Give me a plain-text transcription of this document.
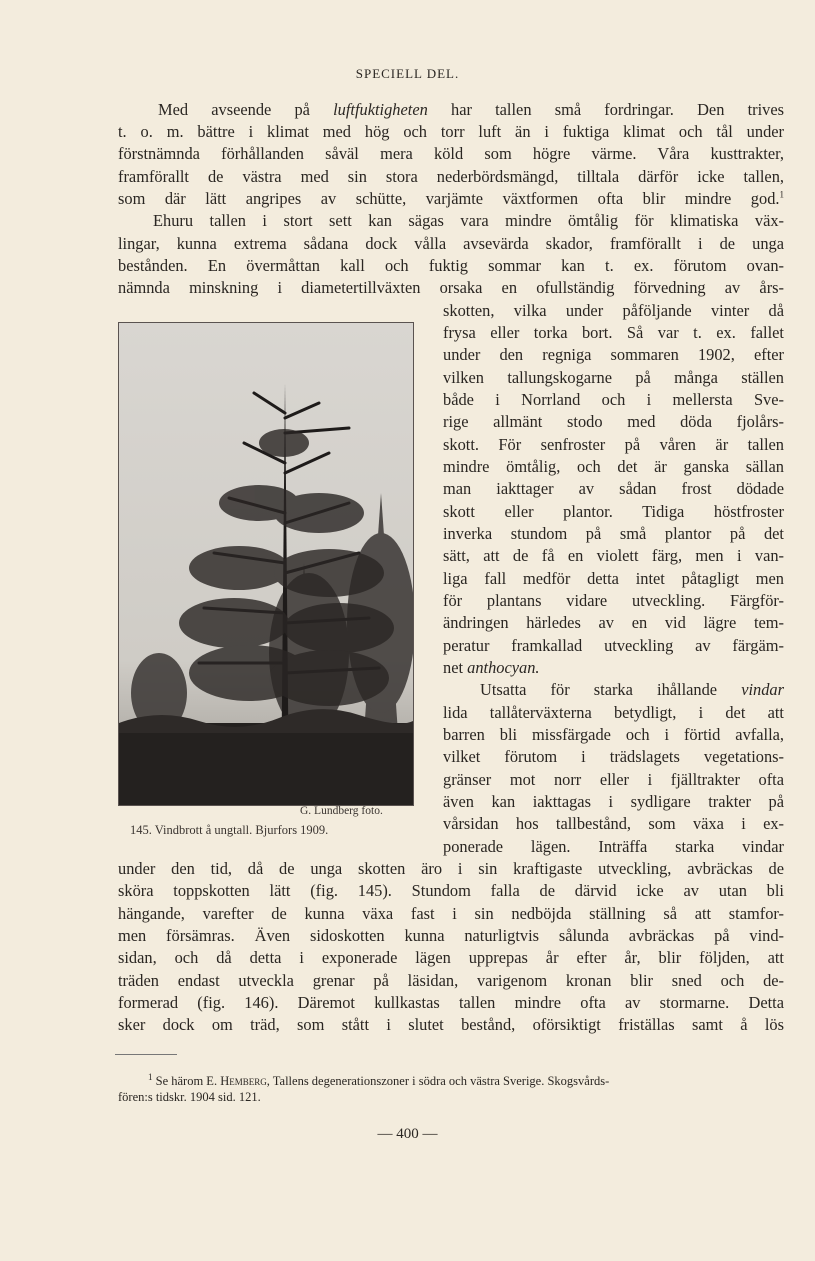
SPECIELL DEL.

Med avseende på luftfuktigheten har tallen små fordringar. Den trives

t. o. m. bättre i klimat med hög och torr luft än i fuktiga klimat och tål under

förstnämnda förhållanden såväl mera köld som högre värme. Våra kusttrakter,

framförallt de västra med sin stora nederbördsmängd, tilltala därför icke tallen,

som där lätt angripes av schütte, varjämte växtformen ofta blir mindre god.$^1$

Ehuru tallen i stort sett kan sägas vara mindre ömtålig för klimatiska väx-

lingar, kunna extrema sådana dock vålla avsevärda skador, framförallt i de unga

bestånden. En övermåttan kall och fuktig sommar kan t. ex. förutom ovan-

nämnda minskning i diametertillväxten orsaka en ofullständig förvedning av års-

G. Lundberg foto.
145. Vindbrott å ungtall. Bjurfors 1909.

skotten, vilka under påföljande vinter då

frysa eller torka bort. Så var t. ex. fallet

under den regniga sommaren 1902, efter

vilken tallungskogarne på många ställen

både i Norrland och i mellersta Sve-

rige allmänt stodo med döda fjolårs-

skott. För senfroster på våren är tallen

mindre ömtålig, och det är ganska sällan

man iakttager av sådan frost dödade

skott eller plantor. Tidiga höstfroster

inverka stundom på små plantor på det

sätt, att de få en violett färg, men i van-

liga fall medför detta intet påtagligt men

för plantans vidare utveckling. Färgför-

ändringen härledes av en vid lägre tem-

peratur framkallad utveckling av färgäm-

net anthocyan.

Utsatta för starka ihållande vindar

lida tallåterväxterna betydligt, i det att

barren bli missfärgade och i förtid avfalla,

vilket förutom i trädslagets vegetations-

gränser mot norr eller i fjälltrakter ofta

även kan iakttagas i sydligare trakter på

vårsidan hos tallbestånd, som växa i ex-

ponerade lägen. Inträffa starka vindar

under den tid, då de unga skotten äro i sin kraftigaste utveckling, avbräckas de

sköra toppskotten lätt (fig. 145). Stundom falla de därvid icke av utan bli

hängande, varefter de kunna växa fast i sin nedböjda ställning så att stamfor-

men försämras. Även sidoskotten kunna naturligtvis sålunda avbräckas på vind-

sidan, och då detta i exponerade lägen upprepas år efter år, blir följden, att

träden endast utveckla grenar på läsidan, varigenom kronan blir sned och de-

formerad (fig. 146). Däremot kullkastas tallen mindre ofta av stormarne. Detta

sker dock om träd, som stått i slutet bestånd, oförsiktigt friställas samt å lös

$^1$ Se härom E. Hemberg, Tallens degenerationszoner i södra och västra Sverige. Skogsvårds-
fören:s tidskr. 1904 sid. 121.
— 400 —
